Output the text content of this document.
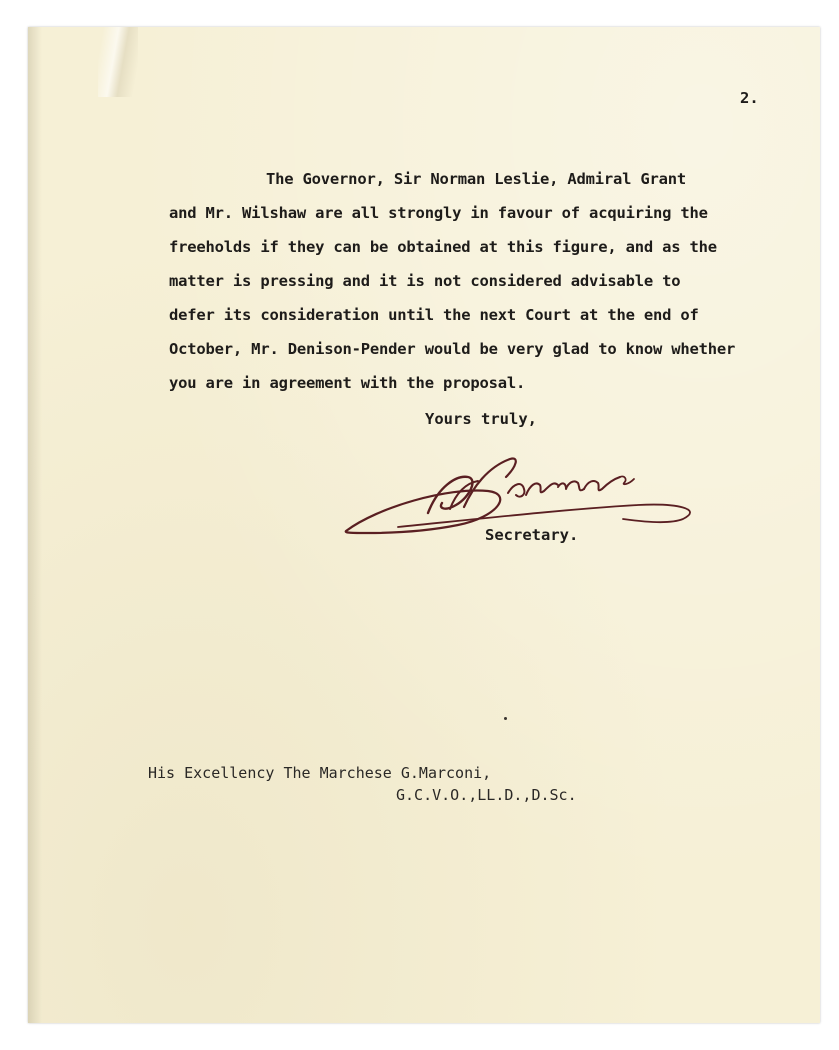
2.
The Governor, Sir Norman Leslie, Admiral Grant
and Mr. Wilshaw are all strongly in favour of acquiring the
freeholds if they can be obtained at this figure, and as the
matter is pressing and it is not considered advisable to
defer its consideration until the next Court at the end of
October, Mr. Denison-Pender would be very glad to know whether
you are in agreement with the proposal.
Yours truly,
Secretary.
His Excellency The Marchese G.Marconi,
G.C.V.O.,LL.D.,D.Sc.
